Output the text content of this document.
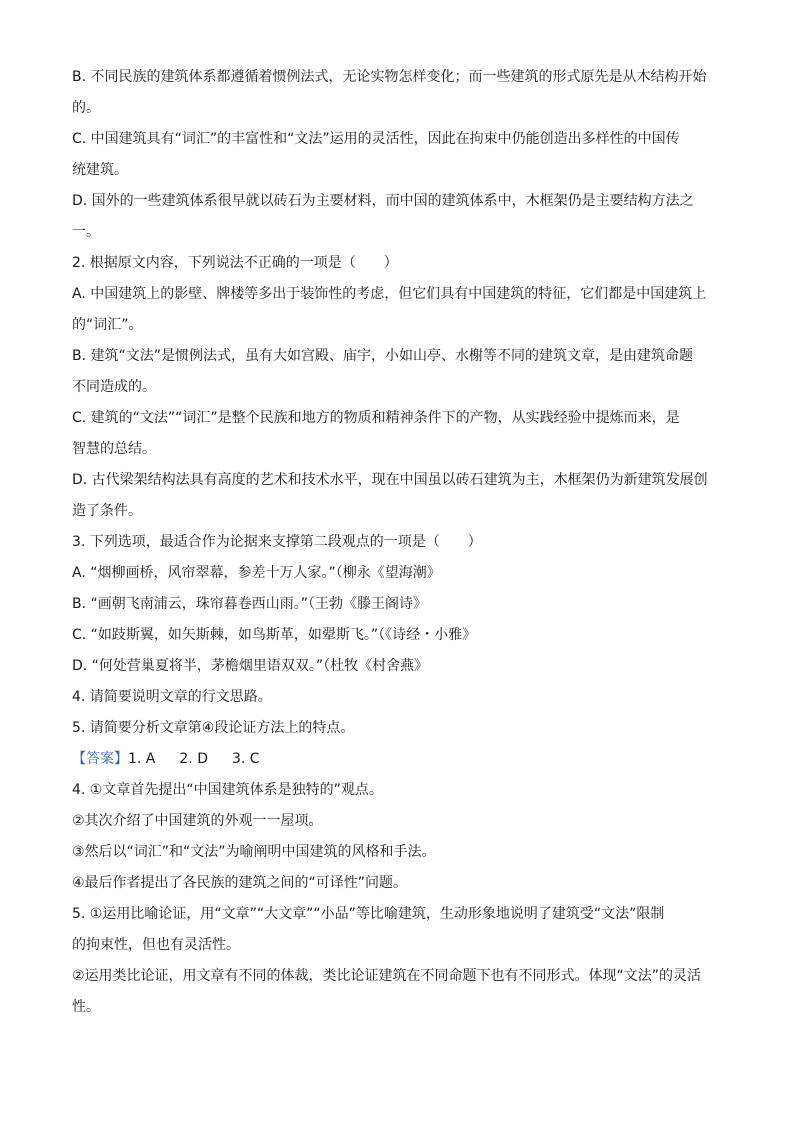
B. 不同民族的建筑体系都遵循着惯例法式，无论实物怎样变化；而一些建筑的形式原先是从木结构开始
的。
C. 中国建筑具有“词汇”的丰富性和“文法”运用的灵活性，因此在拘束中仍能创造出多样性的中国传
统建筑。
D. 国外的一些建筑体系很早就以砖石为主要材料，而中国的建筑体系中，木框架仍是主要结构方法之
一。
2. 根据原文内容，下列说法不正确的一项是（　　）
A. 中国建筑上的影壁、牌楼等多出于装饰性的考虑，但它们具有中国建筑的特征，它们都是中国建筑上
的“词汇”。
B. 建筑“文法”是惯例法式，虽有大如宫殿、庙宇，小如山亭、水榭等不同的建筑文章，是由建筑命题
不同造成的。
C. 建筑的“文法”“词汇”是整个民族和地方的物质和精神条件下的产物，从实践经验中提炼而来，是
智慧的总结。
D. 古代梁架结构法具有高度的艺术和技术水平，现在中国虽以砖石建筑为主，木框架仍为新建筑发展创
造了条件。
3. 下列选项，最适合作为论据来支撑第二段观点的一项是（　　）
A. “烟柳画桥，风帘翠幕，参差十万人家。”（柳永《望海潮》
B. “画朝飞南浦云，珠帘暮卷西山雨。”（王勃《滕王阁诗》
C. “如跂斯翼，如矢斯棘，如鸟斯革，如翚斯飞。”（《诗经・小雅》
D. “何处营巢夏将半，茅檐烟里语双双。”（杜牧《村舍燕》
4. 请简要说明文章的行文思路。
5. 请简要分析文章第④段论证方法上的特点。
【答案】1. A 2. D 3. C
4. ①文章首先提出“中国建筑体系是独特的”观点。
②其次介绍了中国建筑的外观一一屋项。
③然后以“词汇”和“文法”为喻阐明中国建筑的风格和手法。
④最后作者提出了各民族的建筑之间的“可译性”问题。
5. ①运用比喻论证，用“文章”“大文章”“小品”等比喻建筑，生动形象地说明了建筑受“文法”限制
的拘束性，但也有灵活性。
②运用类比论证，用文章有不同的体裁，类比论证建筑在不同命题下也有不同形式。体现“文法”的灵活
性。
